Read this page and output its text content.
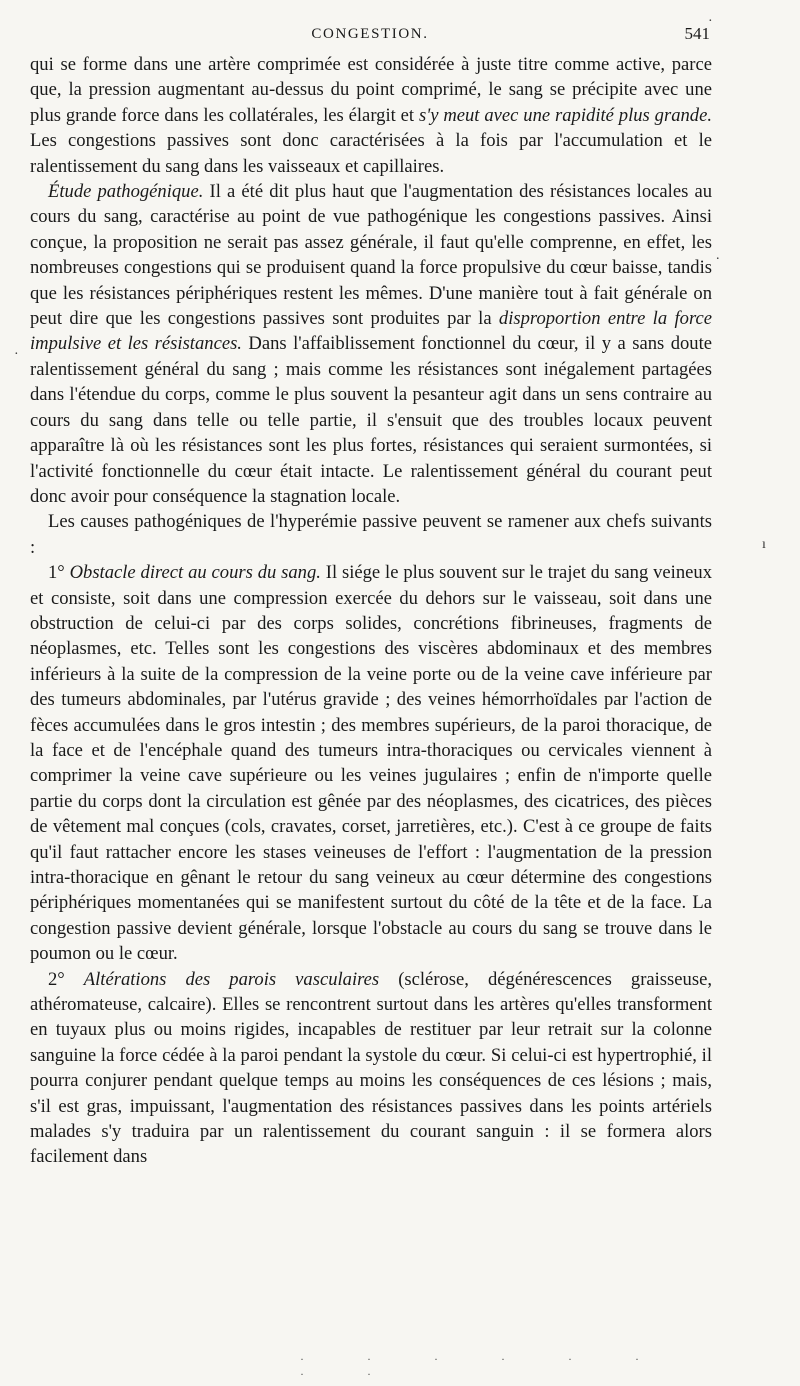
CONGESTION.	541

qui se forme dans une artère comprimée est considérée à juste titre comme active, parce que, la pression augmentant au-dessus du point comprimé, le sang se précipite avec une plus grande force dans les collatérales, les élargit et s'y meut avec une rapidité plus grande. Les congestions passives sont donc caractérisées à la fois par l'accumulation et le ralentissement du sang dans les vaisseaux et capillaires.

Étude pathogénique. Il a été dit plus haut que l'augmentation des résistances locales au cours du sang, caractérise au point de vue pathogénique les congestions passives. Ainsi conçue, la proposition ne serait pas assez générale, il faut qu'elle comprenne, en effet, les nombreuses congestions qui se produisent quand la force propulsive du cœur baisse, tandis que les résistances périphériques restent les mêmes. D'une manière tout à fait générale on peut dire que les congestions passives sont produites par la disproportion entre la force impulsive et les résistances. Dans l'affaiblissement fonctionnel du cœur, il y a sans doute ralentissement général du sang ; mais comme les résistances sont inégalement partagées dans l'étendue du corps, comme le plus souvent la pesanteur agit dans un sens contraire au cours du sang dans telle ou telle partie, il s'ensuit que des troubles locaux peuvent apparaître là où les résistances sont les plus fortes, résistances qui seraient surmontées, si l'activité fonctionnelle du cœur était intacte. Le ralentissement général du courant peut donc avoir pour conséquence la stagnation locale.

Les causes pathogéniques de l'hyperémie passive peuvent se ramener aux chefs suivants :

1° Obstacle direct au cours du sang. Il siége le plus souvent sur le trajet du sang veineux et consiste, soit dans une compression exercée du dehors sur le vaisseau, soit dans une obstruction de celui-ci par des corps solides, concrétions fibrineuses, fragments de néoplasmes, etc. Telles sont les congestions des viscères abdominaux et des membres inférieurs à la suite de la compression de la veine porte ou de la veine cave inférieure par des tumeurs abdominales, par l'utérus gravide ; des veines hémorrhoïdales par l'action de fèces accumulées dans le gros intestin ; des membres supérieurs, de la paroi thoracique, de la face et de l'encéphale quand des tumeurs intra-thoraciques ou cervicales viennent à comprimer la veine cave supérieure ou les veines jugulaires ; enfin de n'importe quelle partie du corps dont la circulation est gênée par des néoplasmes, des cicatrices, des pièces de vêtement mal conçues (cols, cravates, corset, jarretières, etc.). C'est à ce groupe de faits qu'il faut rattacher encore les stases veineuses de l'effort : l'augmentation de la pression intra-thoracique en gênant le retour du sang veineux au cœur détermine des congestions périphériques momentanées qui se manifestent surtout du côté de la tête et de la face. La congestion passive devient générale, lorsque l'obstacle au cours du sang se trouve dans le poumon ou le cœur.

2° Altérations des parois vasculaires (sclérose, dégénérescences graisseuse, athéromateuse, calcaire). Elles se rencontrent surtout dans les artères qu'elles transforment en tuyaux plus ou moins rigides, incapables de restituer par leur retrait sur la colonne sanguine la force cédée à la paroi pendant la systole du cœur. Si celui-ci est hypertrophié, il pourra conjurer pendant quelque temps au moins les conséquences de ces lésions ; mais, s'il est gras, impuissant, l'augmentation des résistances passives dans les points artériels malades s'y traduira par un ralentissement du courant sanguin : il se formera alors facilement dans

·
.
·
ı
· · · · · · · ·
